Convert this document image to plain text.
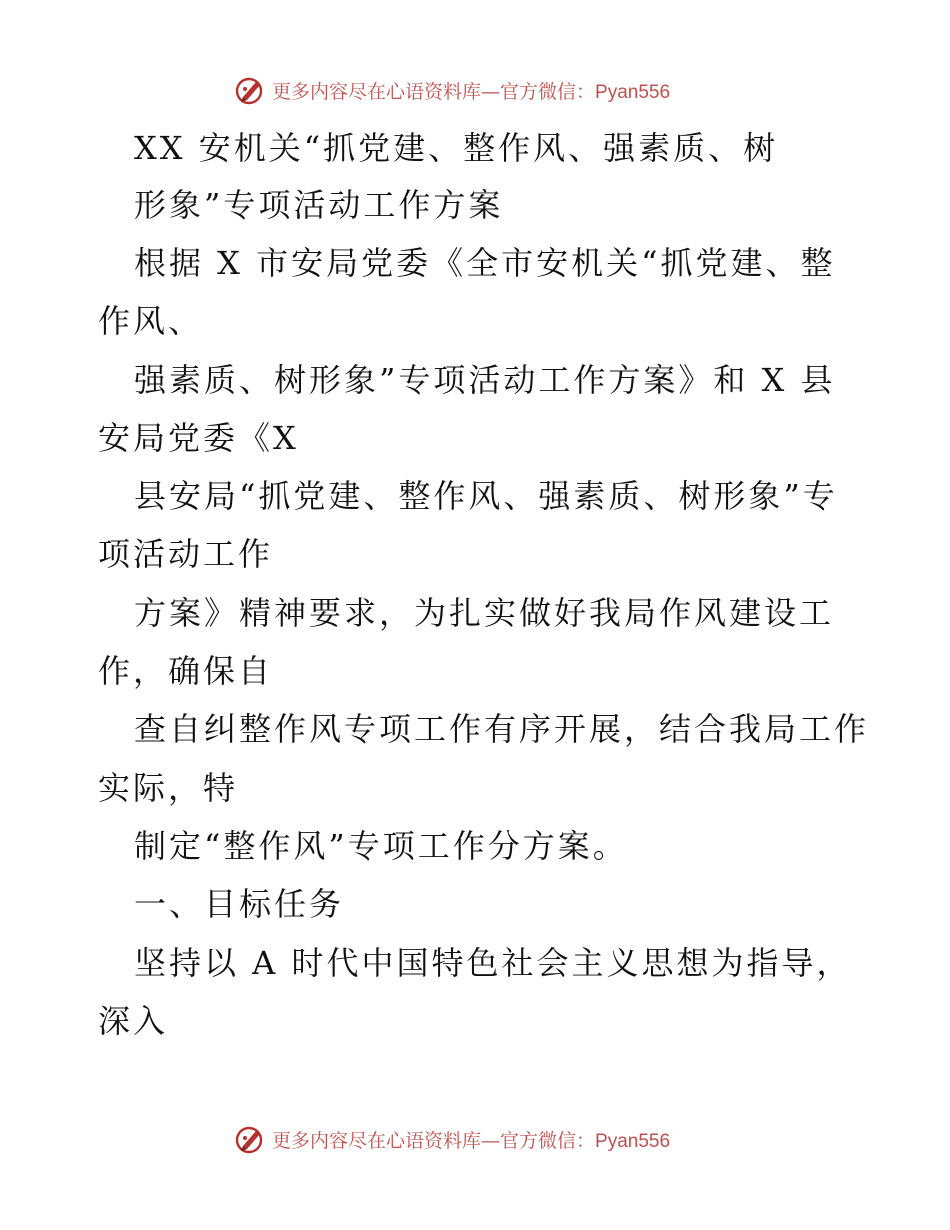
更多内容尽在心语资料库—官方微信：Pyan556
XX 安机关“抓党建、整作风、强素质、树
形象”专项活动工作方案
根据 X 市安局党委《全市安机关“抓党建、整
作风、
强素质、树形象”专项活动工作方案》和 X 县
安局党委《X
县安局“抓党建、整作风、强素质、树形象”专
项活动工作
方案》精神要求，为扎实做好我局作风建设工
作，确保自
查自纠整作风专项工作有序开展，结合我局工作
实际，特
制定“整作风”专项工作分方案。
一、目标任务
坚持以 A 时代中国特色社会主义思想为指导，
深入
更多内容尽在心语资料库—官方微信：Pyan556
